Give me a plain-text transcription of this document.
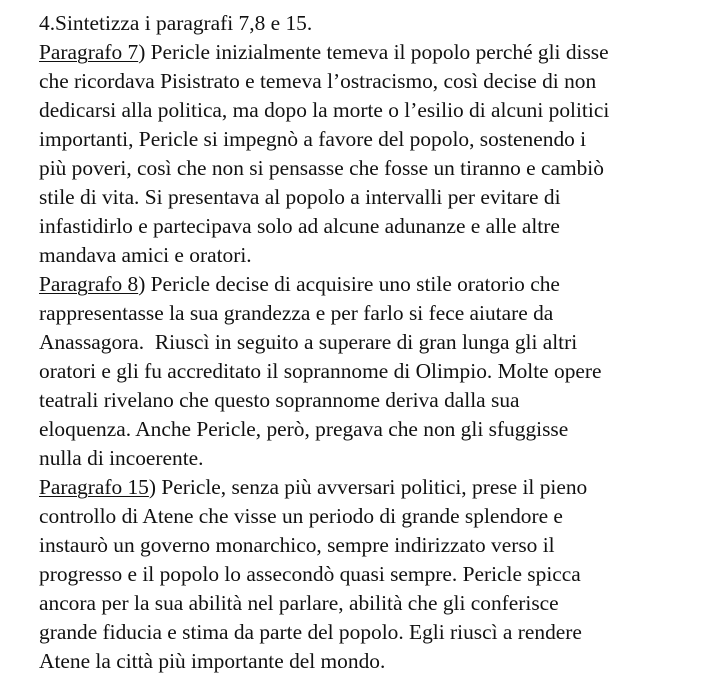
4.Sintetizza i paragrafi 7,8 e 15.
Paragrafo 7) Pericle inizialmente temeva il popolo perché gli disse
che ricordava Pisistrato e temeva l’ostracismo, così decise di non
dedicarsi alla politica, ma dopo la morte o l’esilio di alcuni politici
importanti, Pericle si impegnò a favore del popolo, sostenendo i
più poveri, così che non si pensasse che fosse un tiranno e cambiò
stile di vita. Si presentava al popolo a intervalli per evitare di
infastidirlo e partecipava solo ad alcune adunanze e alle altre
mandava amici e oratori.
Paragrafo 8) Pericle decise di acquisire uno stile oratorio che
rappresentasse la sua grandezza e per farlo si fece aiutare da
Anassagora.  Riuscì in seguito a superare di gran lunga gli altri
oratori e gli fu accreditato il soprannome di Olimpio. Molte opere
teatrali rivelano che questo soprannome deriva dalla sua
eloquenza. Anche Pericle, però, pregava che non gli sfuggisse
nulla di incoerente.
Paragrafo 15) Pericle, senza più avversari politici, prese il pieno
controllo di Atene che visse un periodo di grande splendore e
instaurò un governo monarchico, sempre indirizzato verso il
progresso e il popolo lo assecondò quasi sempre. Pericle spicca
ancora per la sua abilità nel parlare, abilità che gli conferisce
grande fiducia e stima da parte del popolo. Egli riuscì a rendere
Atene la città più importante del mondo.
